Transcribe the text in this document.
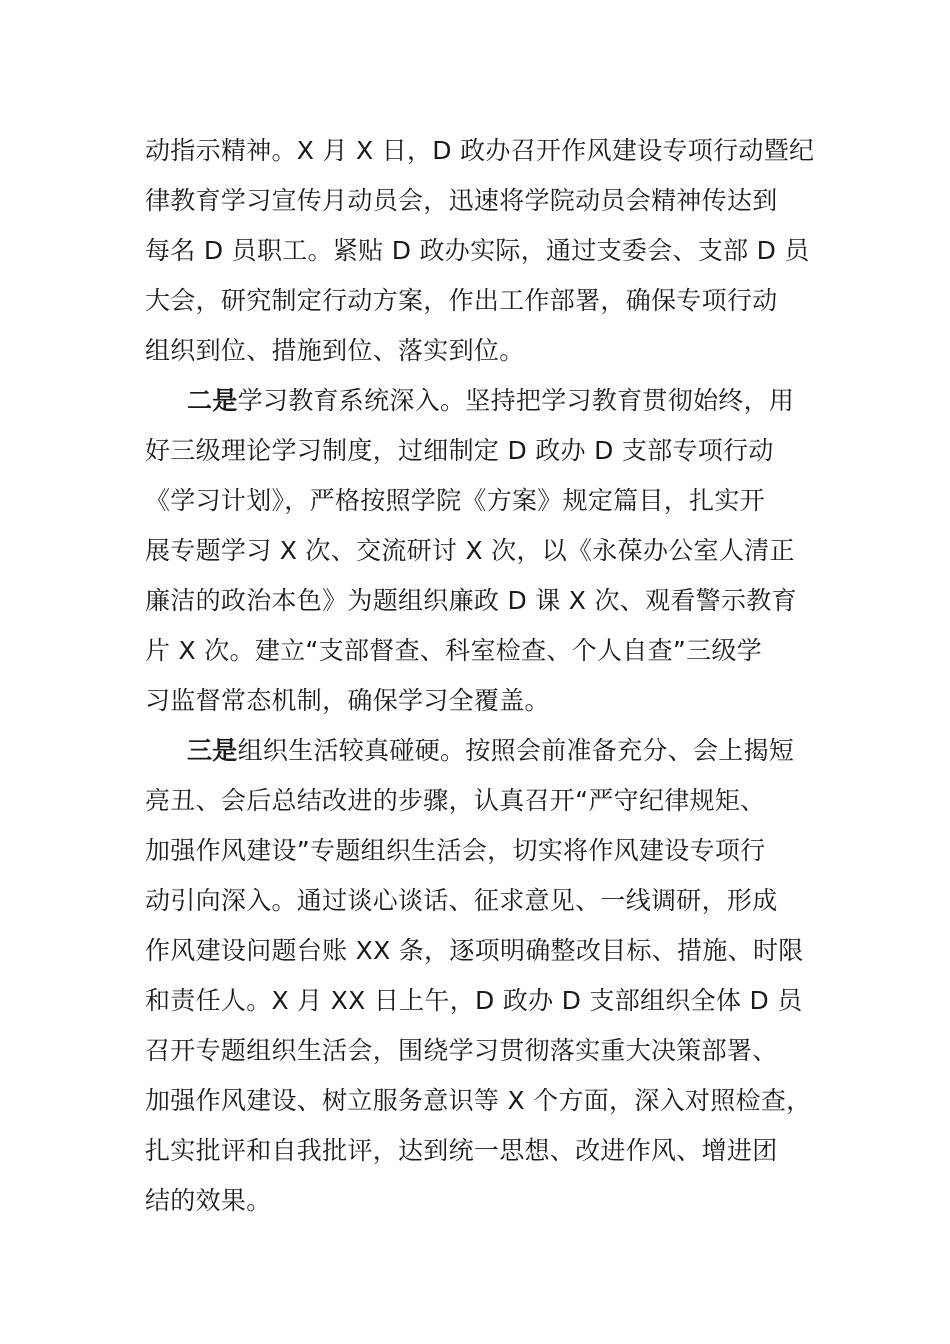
动指示精神。X 月 X 日，D 政办召开作风建设专项行动暨纪
律教育学习宣传月动员会，迅速将学院动员会精神传达到
每名 D 员职工。紧贴 D 政办实际，通过支委会、支部 D 员
大会，研究制定行动方案，作出工作部署，确保专项行动
组织到位、措施到位、落实到位。
二是学习教育系统深入。坚持把学习教育贯彻始终，用
好三级理论学习制度，过细制定 D 政办 D 支部专项行动
《学习计划》，严格按照学院《方案》规定篇目，扎实开
展专题学习 X 次、交流研讨 X 次，以《永葆办公室人清正
廉洁的政治本色》为题组织廉政 D 课 X 次、观看警示教育
片 X 次。建立“支部督查、科室检查、个人自查”三级学
习监督常态机制，确保学习全覆盖。
三是组织生活较真碰硬。按照会前准备充分、会上揭短
亮丑、会后总结改进的步骤，认真召开“严守纪律规矩、
加强作风建设”专题组织生活会，切实将作风建设专项行
动引向深入。通过谈心谈话、征求意见、一线调研，形成
作风建设问题台账 XX 条，逐项明确整改目标、措施、时限
和责任人。X 月 XX 日上午，D 政办 D 支部组织全体 D 员
召开专题组织生活会，围绕学习贯彻落实重大决策部署、
加强作风建设、树立服务意识等 X 个方面，深入对照检查，
扎实批评和自我批评，达到统一思想、改进作风、增进团
结的效果。
